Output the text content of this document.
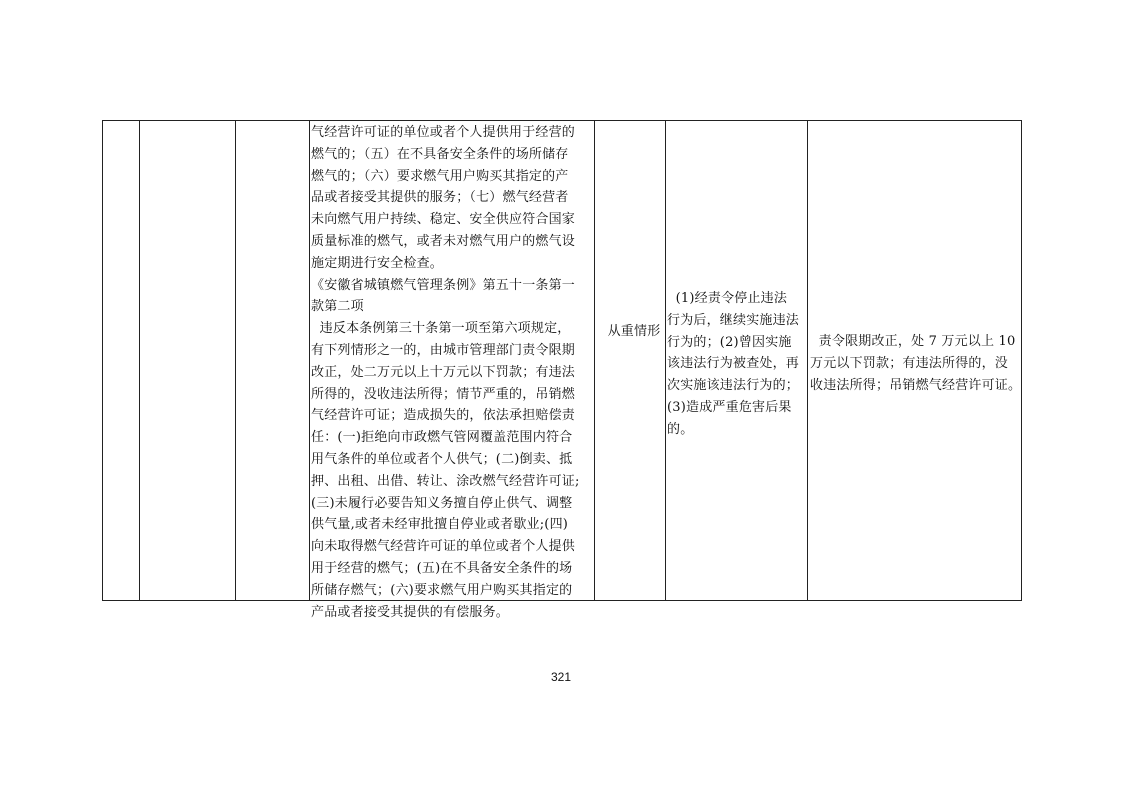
气经营许可证的单位或者个人提供用于经营的
燃气的；（五）在不具备安全条件的场所储存
燃气的；（六）要求燃气用户购买其指定的产
品或者接受其提供的服务；（七）燃气经营者
未向燃气用户持续、稳定、安全供应符合国家
质量标准的燃气，或者未对燃气用户的燃气设
施定期进行安全检查。
《安徽省城镇燃气管理条例》第五十一条第一
款第二项
违反本条例第三十条第一项至第六项规定，
有下列情形之一的，由城市管理部门责令限期
改正，处二万元以上十万元以下罚款；有违法
所得的，没收违法所得；情节严重的，吊销燃
气经营许可证；造成损失的，依法承担赔偿责
任：(一)拒绝向市政燃气管网覆盖范围内符合
用气条件的单位或者个人供气；(二)倒卖、抵
押、出租、出借、转让、涂改燃气经营许可证;
(三)未履行必要告知义务擅自停止供气、调整
供气量,或者未经审批擅自停业或者歇业;(四)
向未取得燃气经营许可证的单位或者个人提供
用于经营的燃气；(五)在不具备安全条件的场
所储存燃气；(六)要求燃气用户购买其指定的
产品或者接受其提供的有偿服务。
从重情形
(1)经责令停止违法
行为后，继续实施违法
行为的；(2)曾因实施
该违法行为被查处，再
次实施该违法行为的；
(3)造成严重危害后果
的。
责令限期改正，处 7 万元以上 10
万元以下罚款；有违法所得的，没
收违法所得；吊销燃气经营许可证。
321
